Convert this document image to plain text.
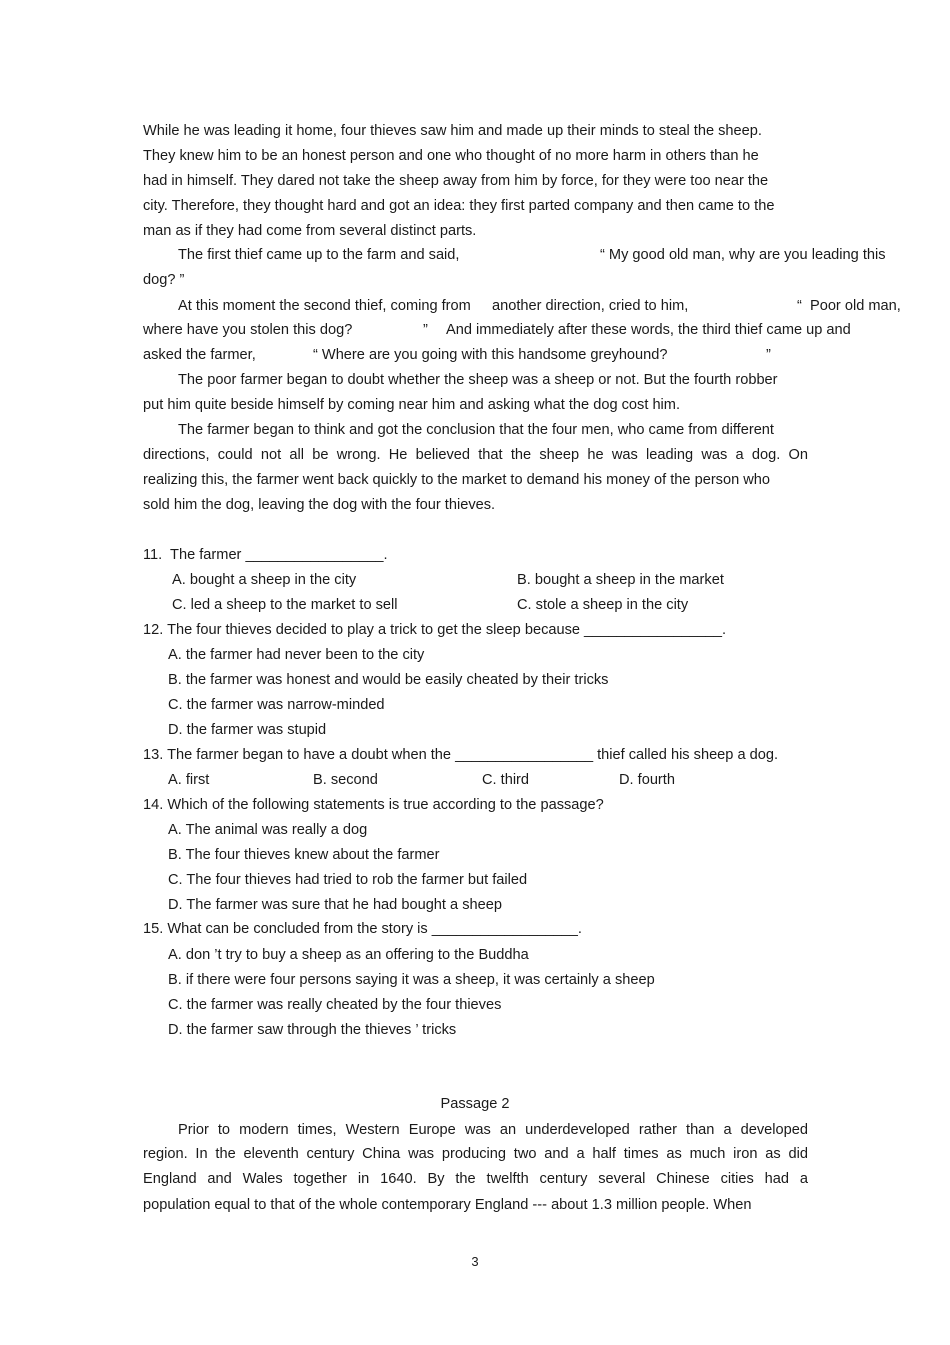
While he was leading it home, four thieves saw him and made up their minds to steal the sheep.
They knew him to be an honest person and one who thought of no more harm in others than he
had in himself. They dared not take the sheep away from him by force, for they were too near the
city. Therefore, they thought hard and got an idea: they first parted company and then came to the
man as if they had come from several distinct parts.
The first thief came up to the farm and said,	“ My good old man, why are you leading this
dog? ”
At this moment the second thief, coming from another direction, cried to him,	“  Poor old man,
where have you stolen this dog?	” And immediately after these words, the third thief came up and
asked the farmer,	“ Where are you going with this handsome greyhound?	”
The poor farmer began to doubt whether the sheep was a sheep or not. But the fourth robber
put him quite beside himself by coming near him and asking what the dog cost him.
The farmer began to think and got the conclusion that the four men, who came from different
directions, could not all be wrong. He believed that the sheep he was leading was a dog. On
realizing this, the farmer went back quickly to the market to demand his money of the person who
sold him the dog, leaving the dog with the four thieves.
11.  The farmer _________________.
A. bought a sheep in the city	B. bought a sheep in the market
C. led a sheep to the market to sell	C. stole a sheep in the city
12. The four thieves decided to play a trick to get the sleep because _________________.
A. the farmer had never been to the city
B. the farmer was honest and would be easily cheated by their tricks
C. the farmer was narrow-minded
D. the farmer was stupid
13. The farmer began to have a doubt when the _________________ thief called his sheep a dog.
A. first	B. second	C. third	D. fourth
14. Which of the following statements is true according to the passage?
A. The animal was really a dog
B. The four thieves knew about the farmer
C. The four thieves had tried to rob the farmer but failed
D. The farmer was sure that he had bought a sheep
15. What can be concluded from the story is __________________.
A. don ’t try to buy a sheep as an offering to the Buddha
B. if there were four persons saying it was a sheep, it was certainly a sheep
C. the farmer was really cheated by the four thieves
D. the farmer saw through the thieves ’ tricks
Passage 2
Prior to modern times, Western Europe was an underdeveloped rather than a developed
region. In the eleventh century China was producing two and a half times as much iron as did
England and Wales together in 1640. By the twelfth century several Chinese cities had a
population equal to that of the whole contemporary England --- about 1.3 million people. When
3
